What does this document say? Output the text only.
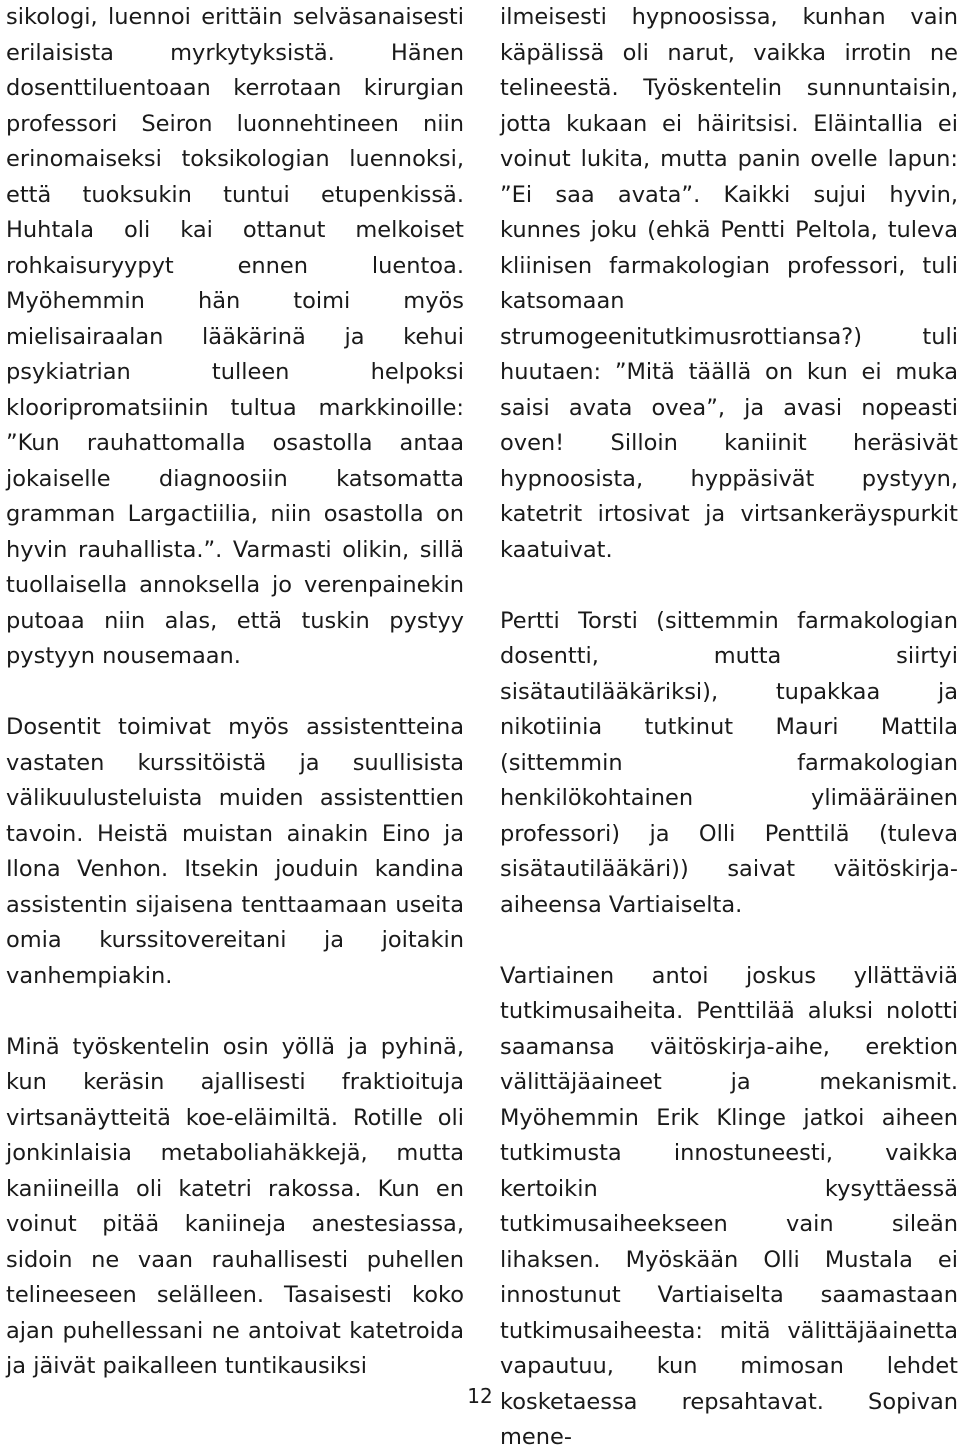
sikologi, luennoi erittäin selväsanaisesti erilaisista myrkytyksistä. Hänen dosenttiluentoaan kerrotaan kirurgian professori Seiron luonnehtineen niin erinomaiseksi toksikologian luennoksi, että tuoksukin tuntui etupenkissä. Huhtala oli kai ottanut melkoiset rohkaisuryypyt ennen luentoa. Myöhemmin hän toimi myös mielisairaalan lääkärinä ja kehui psykiatrian tulleen helpoksi klooripromatsiinin tultua markkinoille: ”Kun rauhattomalla osastolla antaa jokaiselle diagnoosiin katsomatta gramman Largactiilia, niin osastolla on hyvin rauhallista.”. Varmasti olikin, sillä tuollaisella annoksella jo verenpainekin putoaa niin alas, että tuskin pystyy pystyyn nousemaan.

Dosentit toimivat myös assistentteina vastaten kurssitöistä ja suullisista välikuulusteluista muiden assistenttien tavoin. Heistä muistan ainakin Eino ja Ilona Venhon. Itsekin jouduin kandina assistentin sijaisena tenttaamaan useita omia kurssitovereitani ja joitakin vanhempiakin.

Minä työskentelin osin yöllä ja pyhinä, kun keräsin ajallisesti fraktioituja virtsanäytteitä koe-eläimiltä. Rotille oli jonkinlaisia metaboliahäkkejä, mutta kaniineilla oli katetri rakossa. Kun en voinut pitää kaniineja anestesiassa, sidoin ne vaan rauhallisesti puhellen telineeseen selälleen. Tasaisesti koko ajan puhellessani ne antoivat katetroida ja jäivät paikalleen tuntikausiksi

ilmeisesti hypnoosissa, kunhan vain käpälissä oli narut, vaikka irrotin ne telineestä. Työskentelin sunnuntaisin, jotta kukaan ei häiritsisi. Eläintallia ei voinut lukita, mutta panin ovelle lapun: ”Ei saa avata”. Kaikki sujui hyvin, kunnes joku (ehkä Pentti Peltola, tuleva kliinisen farmakologian professori, tuli katsomaan strumogeenitutkimusrottiansa?) tuli huutaen: ”Mitä täällä on kun ei muka saisi avata ovea”, ja avasi nopeasti oven! Silloin kaniinit heräsivät hypnoosista, hyppäsivät pystyyn, katetrit irtosivat ja virtsankeräyspurkit kaatuivat.

Pertti Torsti (sittemmin farmakologian dosentti, mutta siirtyi sisätautilääkäriksi), tupakkaa ja nikotiinia tutkinut Mauri Mattila (sittemmin farmakologian henkilökohtainen ylimääräinen professori) ja Olli Penttilä (tuleva sisätautilääkäri)) saivat väitöskirja-aiheensa Vartiaiselta.

Vartiainen antoi joskus yllättäviä tutkimusaiheita. Penttilää aluksi nolotti saamansa väitöskirja-aihe, erektion välittäjäaineet ja mekanismit. Myöhemmin Erik Klinge jatkoi aiheen tutkimusta innostuneesti, vaikka kertoikin kysyttäessä tutkimusaiheekseen vain sileän lihaksen. Myöskään Olli Mustala ei innostunut Vartiaiselta saamastaan tutkimusaiheesta: mitä välittäjäainetta vapautuu, kun mimosan lehdet kosketaessa repsahtavat. Sopivan mene-

12
